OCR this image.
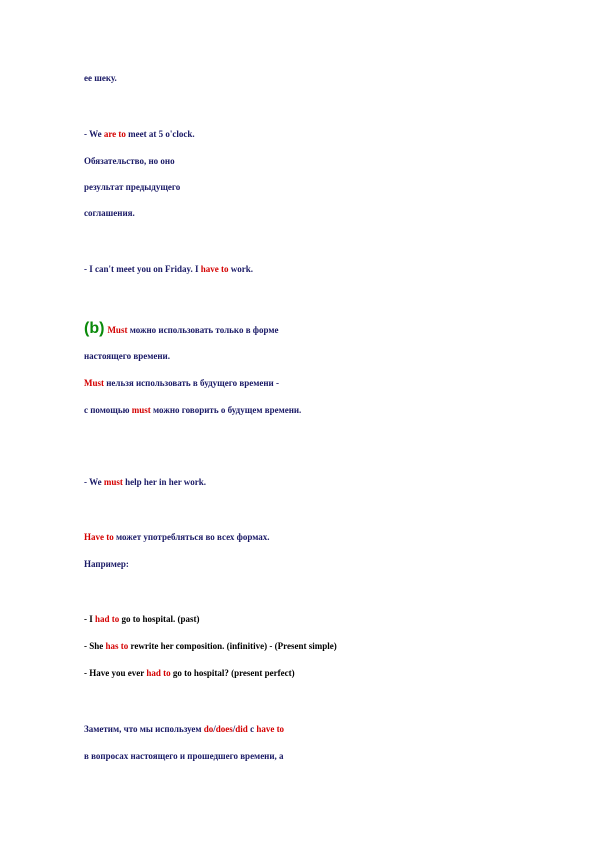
ее шеку.

- We are to meet at 5 o'clock.

Обязательство, но оно

результат предыдущего

соглашения.

- I can't meet you on Friday. I have to work.

(b) Must можно использовать только в форме

настоящего времени.

Must нельзя использовать в будущего времени -

с помощью must можно говорить о будущем времени.

- We must help her in her work.

Have to может употребляться во всех формах.

Например:

- I had to go to hospital. (past)

- She has to rewrite her composition. (infinitive) - (Present simple)

- Have you ever had to go to hospital? (present perfect)

Заметим, что мы используем do/does/did с have to

в вопросах настоящего и прошедшего времени, а
